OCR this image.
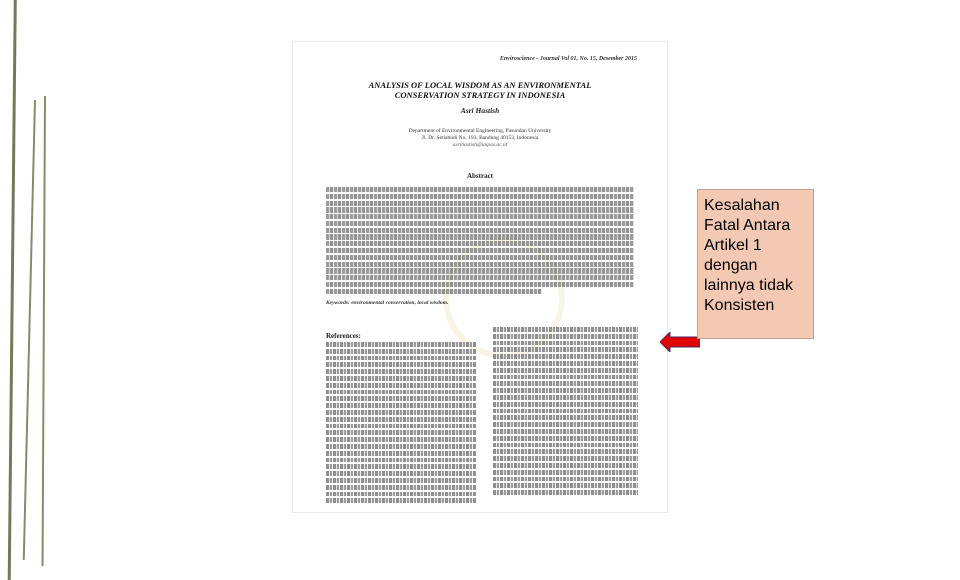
Enviroscience - Journal Vol 01, No. 15, Desember 2015
ANALYSIS OF LOCAL WISDOM AS AN ENVIRONMENTAL
CONSERVATION STRATEGY IN INDONESIA
Asri Hastish
Department of Environmental Engineering, Pasundan University
Jl. Dr. Setiabudi No. 193, Bandung 40153, Indonesia
asrihastish@unpas.ac.id
Abstract
Keywords: environmental conservation, local wisdom.
References:
Kesalahan Fatal Antara Artikel 1 dengan lainnya tidak Konsisten
